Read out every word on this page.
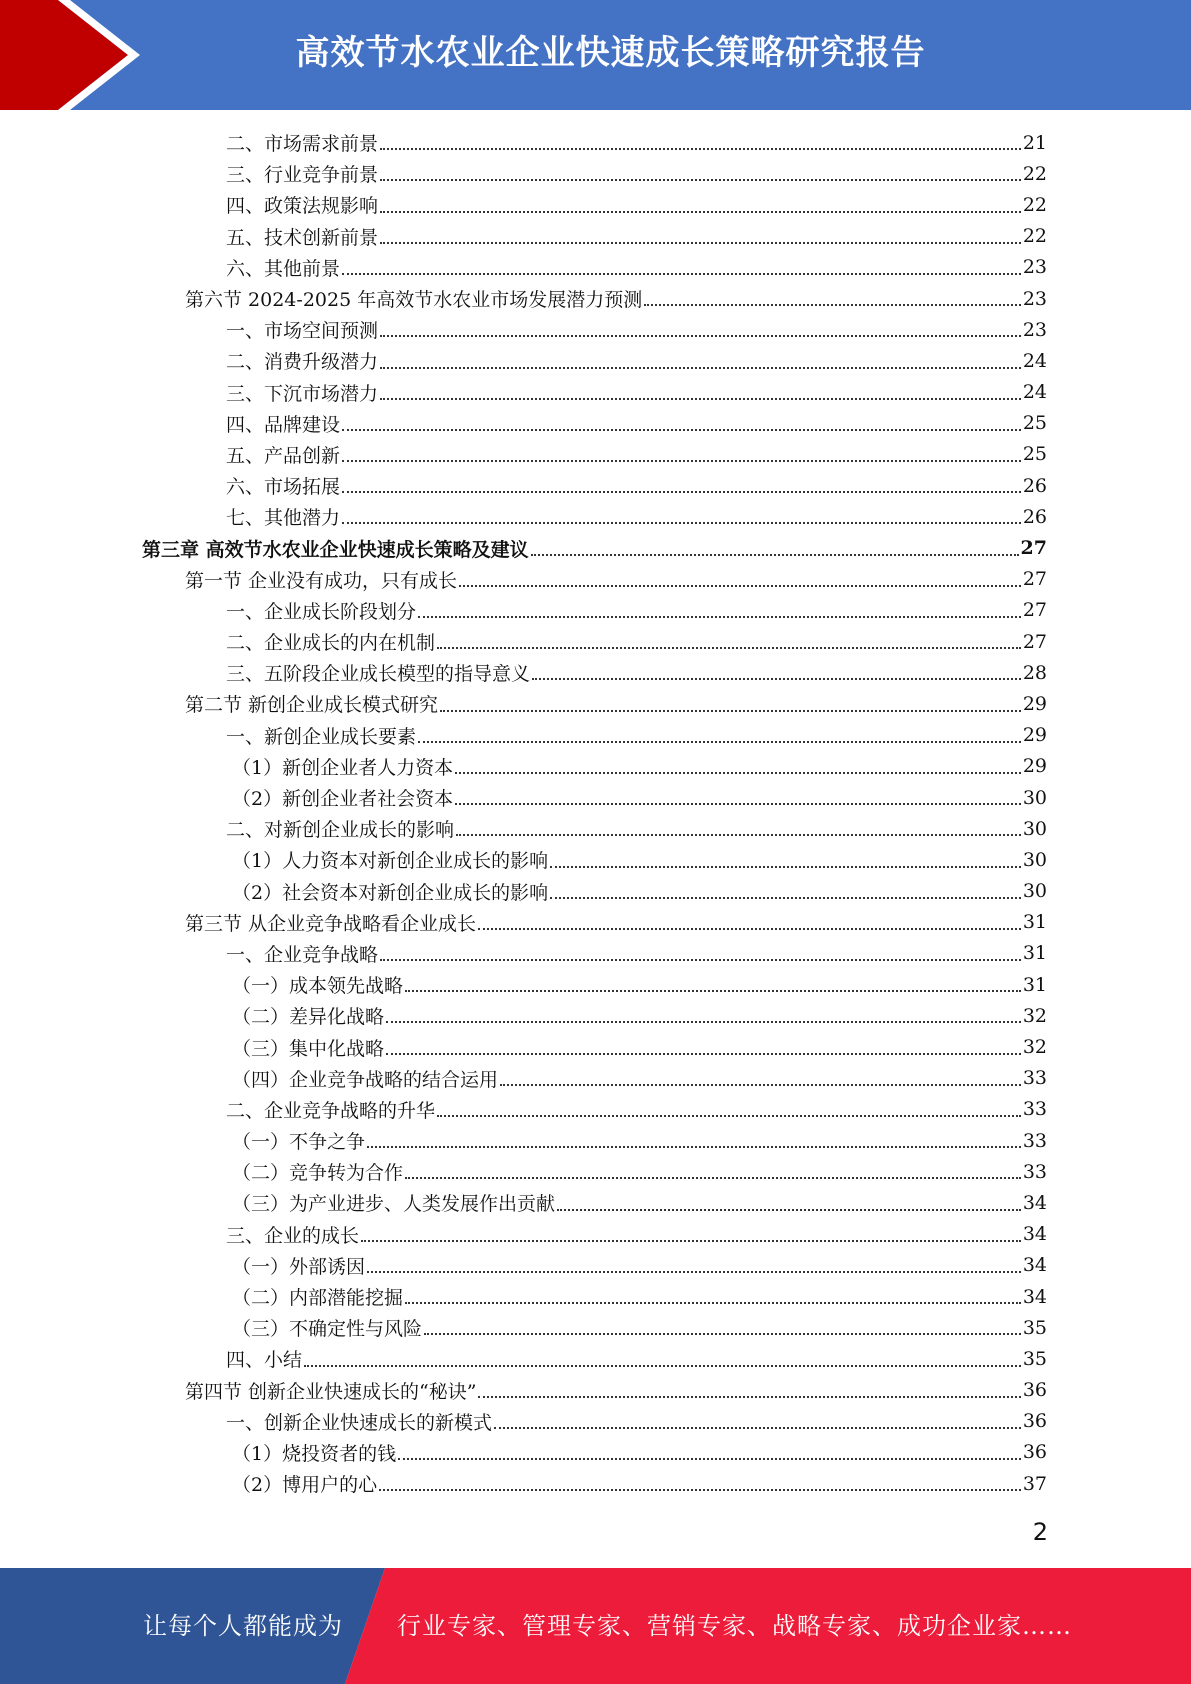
高效节水农业企业快速成长策略研究报告
二、市场需求前景	21
三、行业竞争前景	22
四、政策法规影响	22
五、技术创新前景	22
六、其他前景	23
第六节 2024-2025 年高效节水农业市场发展潜力预测	23
一、市场空间预测	23
二、消费升级潜力	24
三、下沉市场潜力	24
四、品牌建设	25
五、产品创新	25
六、市场拓展	26
七、其他潜力	26
第三章 高效节水农业企业快速成长策略及建议	27
第一节 企业没有成功，只有成长	27
一、企业成长阶段划分	27
二、企业成长的内在机制	27
三、五阶段企业成长模型的指导意义	28
第二节 新创企业成长模式研究	29
一、新创企业成长要素	29
（1）新创企业者人力资本	29
（2）新创企业者社会资本	30
二、对新创企业成长的影响	30
（1）人力资本对新创企业成长的影响	30
（2）社会资本对新创企业成长的影响	30
第三节 从企业竞争战略看企业成长	31
一、企业竞争战略	31
（一）成本领先战略	31
（二）差异化战略	32
（三）集中化战略	32
（四）企业竞争战略的结合运用	33
二、企业竞争战略的升华	33
（一）不争之争	33
（二）竞争转为合作	33
（三）为产业进步、人类发展作出贡献	34
三、企业的成长	34
（一）外部诱因	34
（二）内部潜能挖掘	34
（三）不确定性与风险	35
四、小结	35
第四节 创新企业快速成长的“秘诀”	36
一、创新企业快速成长的新模式	36
（1）烧投资者的钱	36
（2）博用户的心	37
2
让每个人都能成为 行业专家、管理专家、营销专家、战略专家、成功企业家……
